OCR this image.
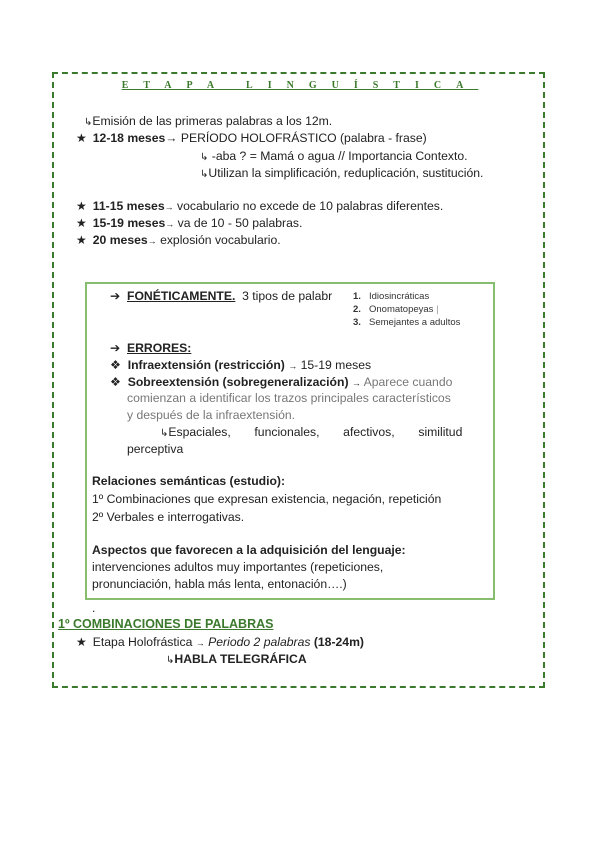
ETAPA LINGUÍSTICA
↳Emisión de las primeras palabras a los 12m.
★ 12-18 meses→ PERÍODO HOLOFRÁSTICO (palabra - frase)
↳ -aba ? = Mamá o agua // Importancia Contexto.
↳Utilizan la simplificación, reduplicación, sustitución.
★ 11-15 meses→ vocabulario no excede de 10 palabras diferentes.
★ 15-19 meses→ va de 10 - 50 palabras.
★ 20 meses→ explosión vocabulario.
➔ FONÉTICAMENTE. 3 tipos de palabr 1. Idiosincráticas
2. Onomatopeyas |
3. Semejantes a adultos
➔ ERRORES:
❖ Infraextensión (restricción) → 15-19 meses
❖ Sobreextensión (sobregeneralización) → Aparece cuando
comienzan a identificar los trazos principales característicos
y después de la infraextensión.
↳Espaciales,       funcionales,       afectivos,       similitud
perceptiva
Relaciones semánticas (estudio):
1º Combinaciones que expresan existencia, negación, repetición
2º Verbales e interrogativas.
Aspectos que favorecen a la adquisición del lenguaje:
intervenciones adultos muy importantes (repeticiones,
pronunciación, habla más lenta, entonación….)
.
1º COMBINACIONES DE PALABRAS
★ Etapa Holofrástica → Periodo 2 palabras (18-24m)
↳HABLA TELEGRÁFICA
